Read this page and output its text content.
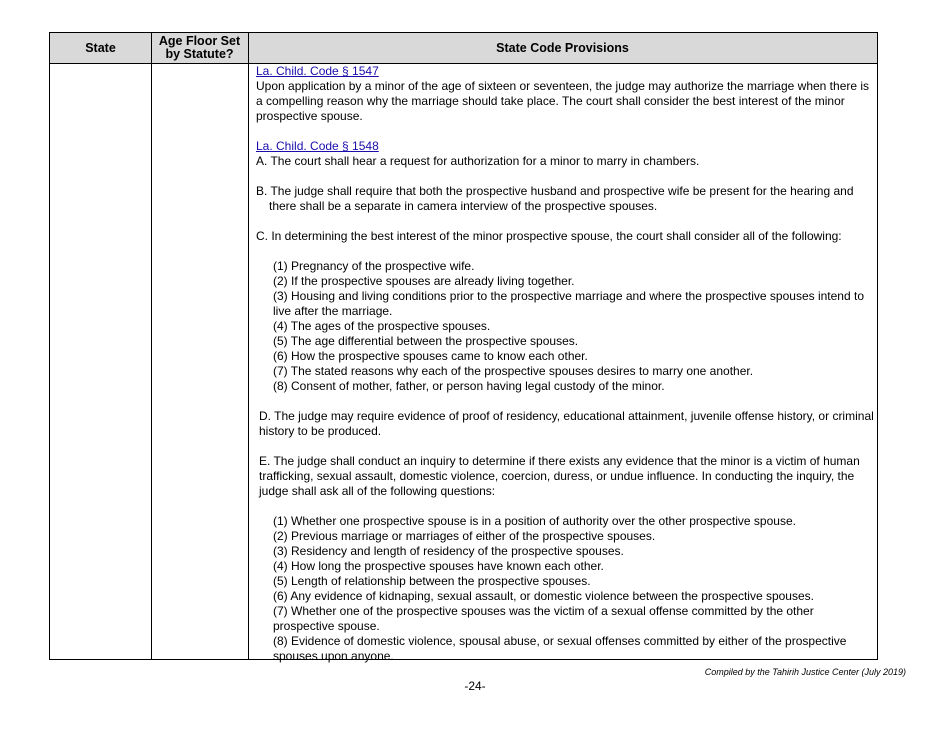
State	Age Floor Set by Statute?	State Code Provisions

La. Child. Code § 1547

Upon application by a minor of the age of sixteen or seventeen, the judge may authorize the marriage when there is a compelling reason why the marriage should take place. The court shall consider the best interest of the minor prospective spouse.

La. Child. Code § 1548

A. The court shall hear a request for authorization for a minor to marry in chambers.

B. The judge shall require that both the prospective husband and prospective wife be present for the hearing and there shall be a separate in camera interview of the prospective spouses.

C. In determining the best interest of the minor prospective spouse, the court shall consider all of the following:

(1) Pregnancy of the prospective wife.

(2) If the prospective spouses are already living together.

(3) Housing and living conditions prior to the prospective marriage and where the prospective spouses intend to live after the marriage.

(4) The ages of the prospective spouses.

(5) The age differential between the prospective spouses.

(6) How the prospective spouses came to know each other.

(7) The stated reasons why each of the prospective spouses desires to marry one another.

(8) Consent of mother, father, or person having legal custody of the minor.

D. The judge may require evidence of proof of residency, educational attainment, juvenile offense history, or criminal history to be produced.

E. The judge shall conduct an inquiry to determine if there exists any evidence that the minor is a victim of human trafficking, sexual assault, domestic violence, coercion, duress, or undue influence. In conducting the inquiry, the judge shall ask all of the following questions:

(1) Whether one prospective spouse is in a position of authority over the other prospective spouse.

(2) Previous marriage or marriages of either of the prospective spouses.

(3) Residency and length of residency of the prospective spouses.

(4) How long the prospective spouses have known each other.

(5) Length of relationship between the prospective spouses.

(6) Any evidence of kidnaping, sexual assault, or domestic violence between the prospective spouses.

(7) Whether one of the prospective spouses was the victim of a sexual offense committed by the other prospective spouse.

(8) Evidence of domestic violence, spousal abuse, or sexual offenses committed by either of the prospective spouses upon anyone.

Compiled by the Tahirih Justice Center (July 2019)
-24-
